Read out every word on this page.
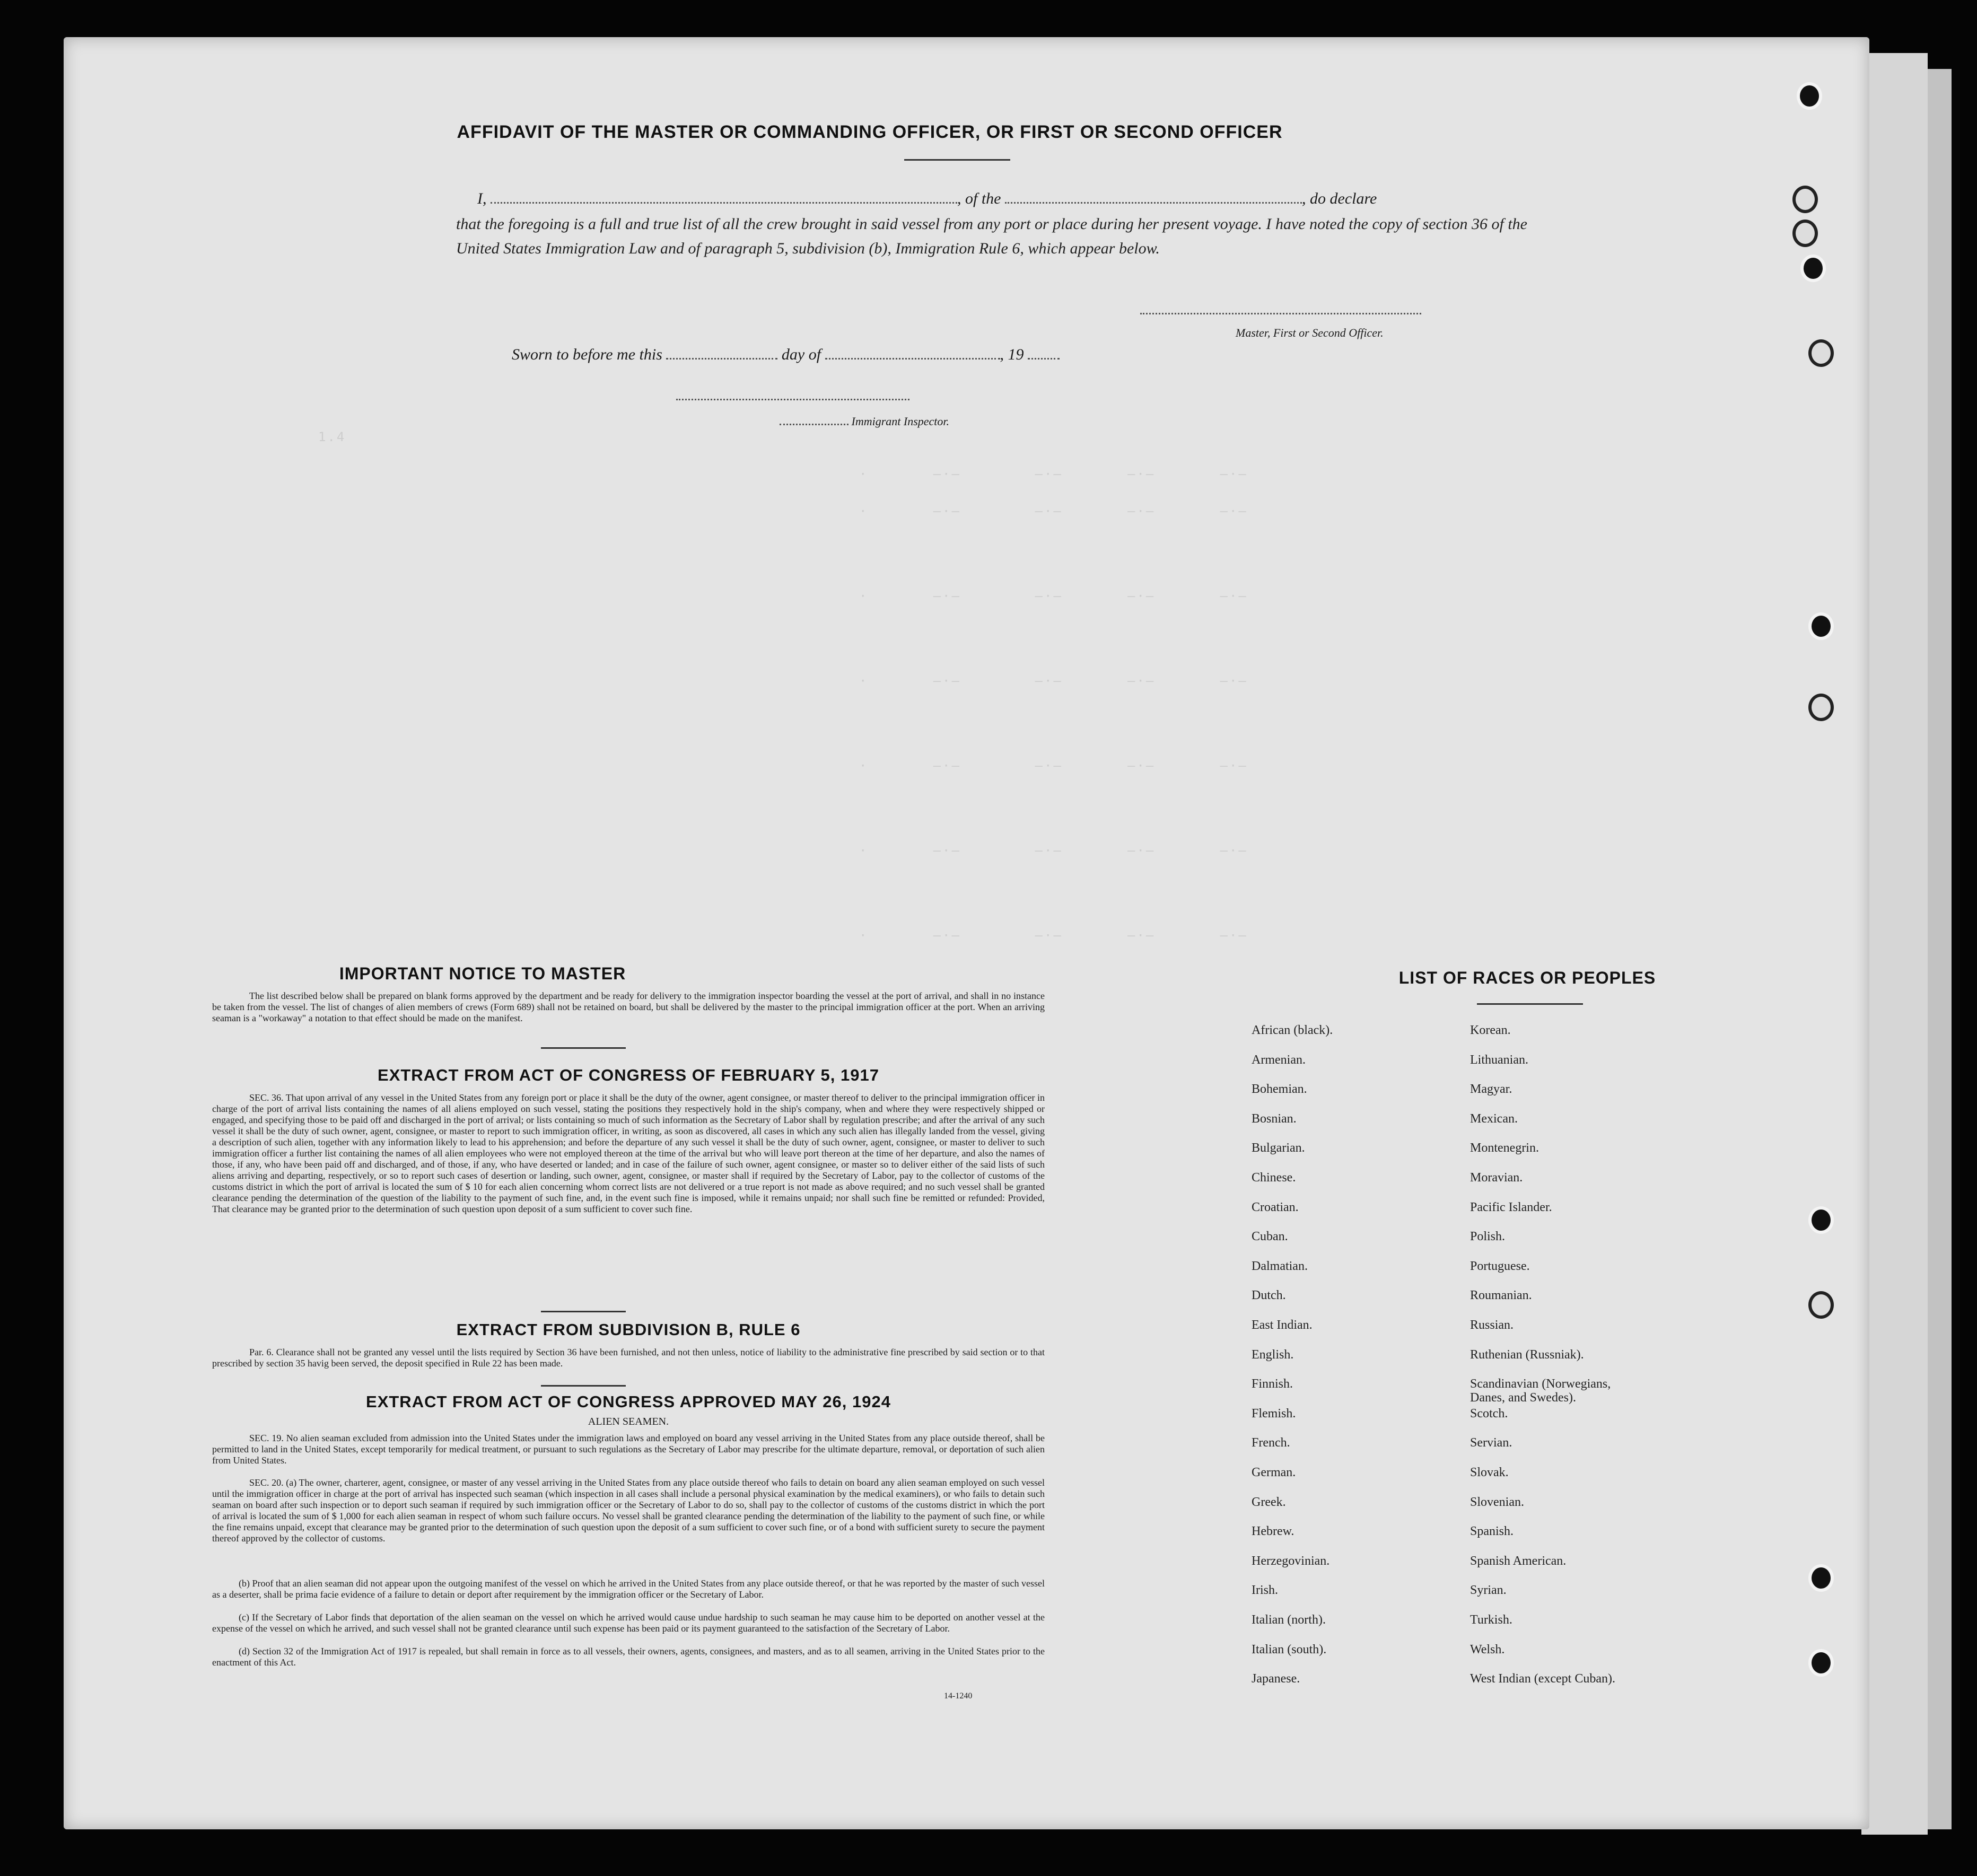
1.4
·       —·—        —·—       —·—       —·—
·       —·—        —·—       —·—       —·—
·       —·—        —·—       —·—       —·—
·       —·—        —·—       —·—       —·—
·       —·—        —·—       —·—       —·—
·       —·—        —·—       —·—       —·—
·       —·—        —·—       —·—       —·—
AFFIDAVIT OF THE MASTER OR COMMANDING OFFICER, OR FIRST OR SECOND OFFICER
I,	, of the	, do declare
that the foregoing is a full and true list of all the crew brought in said vessel from any port or place during her present voyage. I have noted the copy of section 36 of the United States Immigration Law and of paragraph 5, subdivision (b), Immigration Rule 6, which appear below.
Master, First or Second Officer.
Sworn to before me this	day of	, 19
Immigrant Inspector.
IMPORTANT NOTICE TO MASTER
The list described below shall be prepared on blank forms approved by the department and be ready for delivery to the immigration inspector boarding the vessel at the port of arrival, and shall in no instance be taken from the vessel. The list of changes of alien members of crews (Form 689) shall not be retained on board, but shall be delivered by the master to the principal immigration officer at the port. When an arriving seaman is a "workaway" a notation to that effect should be made on the manifest.
EXTRACT FROM ACT OF CONGRESS OF FEBRUARY 5, 1917
SEC. 36. That upon arrival of any vessel in the United States from any foreign port or place it shall be the duty of the owner, agent consignee, or master thereof to deliver to the principal immigration officer in charge of the port of arrival lists containing the names of all aliens employed on such vessel, stating the positions they respectively hold in the ship's company, when and where they were respectively shipped or engaged, and specifying those to be paid off and discharged in the port of arrival; or lists containing so much of such information as the Secretary of Labor shall by regulation prescribe; and after the arrival of any such vessel it shall be the duty of such owner, agent, consignee, or master to report to such immigration officer, in writing, as soon as discovered, all cases in which any such alien has illegally landed from the vessel, giving a description of such alien, together with any information likely to lead to his apprehension; and before the departure of any such vessel it shall be the duty of such owner, agent, consignee, or master to deliver to such immigration officer a further list containing the names of all alien employees who were not employed thereon at the time of the arrival but who will leave port thereon at the time of her departure, and also the names of those, if any, who have been paid off and discharged, and of those, if any, who have deserted or landed; and in case of the failure of such owner, agent consignee, or master so to deliver either of the said lists of such aliens arriving and departing, respectively, or so to report such cases of desertion or landing, such owner, agent, consignee, or master shall if required by the Secretary of Labor, pay to the collector of customs of the customs district in which the port of arrival is located the sum of $ 10 for each alien concerning whom correct lists are not delivered or a true report is not made as above required; and no such vessel shall be granted clearance pending the determination of the question of the liability to the payment of such fine, and, in the event such fine is imposed, while it remains unpaid; nor shall such fine be remitted or refunded: Provided, That clearance may be granted prior to the determination of such question upon deposit of a sum sufficient to cover such fine.
EXTRACT FROM SUBDIVISION B, RULE 6
Par. 6. Clearance shall not be granted any vessel until the lists required by Section 36 have been furnished, and not then unless, notice of liability to the administrative fine prescribed by said section or to that prescribed by section 35 havig been served, the deposit specified in Rule 22 has been made.
EXTRACT FROM ACT OF CONGRESS APPROVED MAY 26, 1924
ALIEN SEAMEN.
SEC. 19. No alien seaman excluded from admission into the United States under the immigration laws and employed on board any vessel arriving in the United States from any place outside thereof, shall be permitted to land in the United States, except temporarily for medical treatment, or pursuant to such regulations as the Secretary of Labor may prescribe for the ultimate departure, removal, or deportation of such alien from United States.
SEC. 20. (a) The owner, charterer, agent, consignee, or master of any vessel arriving in the United States from any place outside thereof who fails to detain on board any alien seaman employed on such vessel until the immigration officer in charge at the port of arrival has inspected such seaman (which inspection in all cases shall include a personal physical examination by the medical examiners), or who fails to detain such seaman on board after such inspection or to deport such seaman if required by such immigration officer or the Secretary of Labor to do so, shall pay to the collector of customs of the customs district in which the port of arrival is located the sum of $ 1,000 for each alien seaman in respect of whom such failure occurs. No vessel shall be granted clearance pending the determination of the liability to the payment of such fine, or while the fine remains unpaid, except that clearance may be granted prior to the determination of such question upon the deposit of a sum sufficient to cover such fine, or of a bond with sufficient surety to secure the payment thereof approved by the collector of customs.
(b) Proof that an alien seaman did not appear upon the outgoing manifest of the vessel on which he arrived in the United States from any place outside thereof, or that he was reported by the master of such vessel as a deserter, shall be prima facie evidence of a failure to detain or deport after requirement by the immigration officer or the Secretary of Labor.
(c) If the Secretary of Labor finds that deportation of the alien seaman on the vessel on which he arrived would cause undue hardship to such seaman he may cause him to be deported on another vessel at the expense of the vessel on which he arrived, and such vessel shall not be granted clearance until such expense has been paid or its payment guaranteed to the satisfaction of the Secretary of Labor.
(d) Section 32 of the Immigration Act of 1917 is repealed, but shall remain in force as to all vessels, their owners, agents, consignees, and masters, and as to all seamen, arriving in the United States prior to the enactment of this Act.
14-1240
LIST OF RACES OR PEOPLES
African (black).
Armenian.
Bohemian.
Bosnian.
Bulgarian.
Chinese.
Croatian.
Cuban.
Dalmatian.
Dutch.
East Indian.
English.
Finnish.
Flemish.
French.
German.
Greek.
Hebrew.
Herzegovinian.
Irish.
Italian (north).
Italian (south).
Japanese.
Korean.
Lithuanian.
Magyar.
Mexican.
Montenegrin.
Moravian.
Pacific Islander.
Polish.
Portuguese.
Roumanian.
Russian.
Ruthenian (Russniak).
Scandinavian (Norwegians,
Danes, and Swedes).
Scotch.
Servian.
Slovak.
Slovenian.
Spanish.
Spanish American.
Syrian.
Turkish.
Welsh.
West Indian (except Cuban).
